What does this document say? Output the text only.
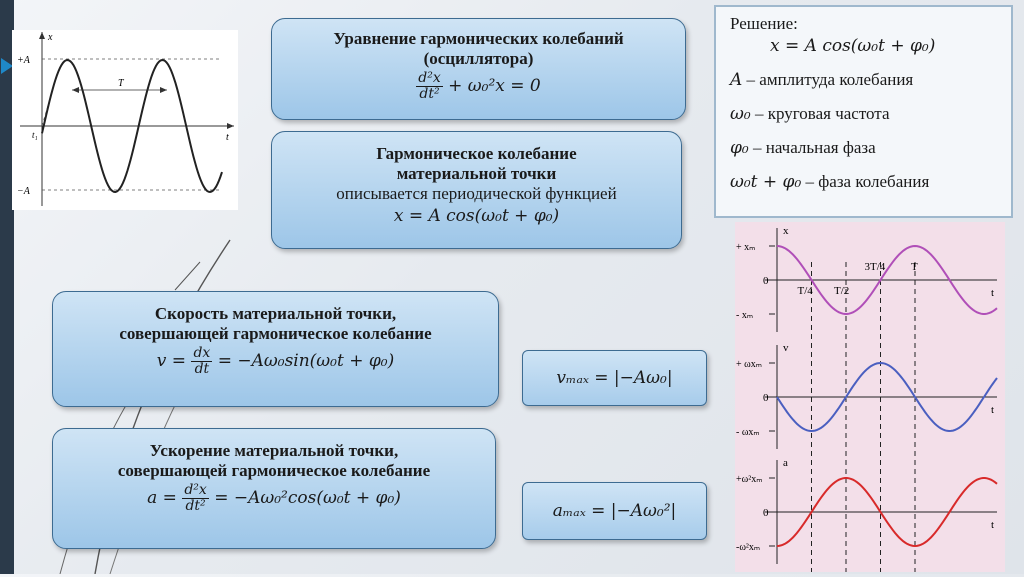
+A
−A
x
t
T
t₁
Уравнение гармонических колебаний
(осциллятора)
$\frac{\text{d²x}}{\text{dt²}} + \omega_0^2x = 0$
Гармоническое колебание
материальной точки
описывается периодической функцией
x = A cos(ω₀t + φ₀)
Скорость материальной точки,
совершающей гармоническое колебание
$v = \frac{dx}{dt} = -A\omega_0\sin(\omega_0t + \varphi_0)$
Ускорение материальной точки,
совершающей гармоническое колебание
$a = \frac{\text{d²x}}{\text{dt²}} = -A\omega_0^2\cos(\omega_0t + \varphi_0)$
vₘₐₓ = |−Aω₀|
aₘₐₓ = |−Aω₀²|
Решение:
x = A cos(ω₀t + φ₀)
A – амплитуда колебания
ω₀ – круговая частота
φ₀ – начальная фаза
ω₀t + φ₀ – фаза колебания
x
+ xₘ
- xₘ
0
t
v
+ ωxₘ
- ωxₘ
0
t
a
+ω²xₘ
-ω²xₘ
0
t
T/4 T/2
3T/4 T
